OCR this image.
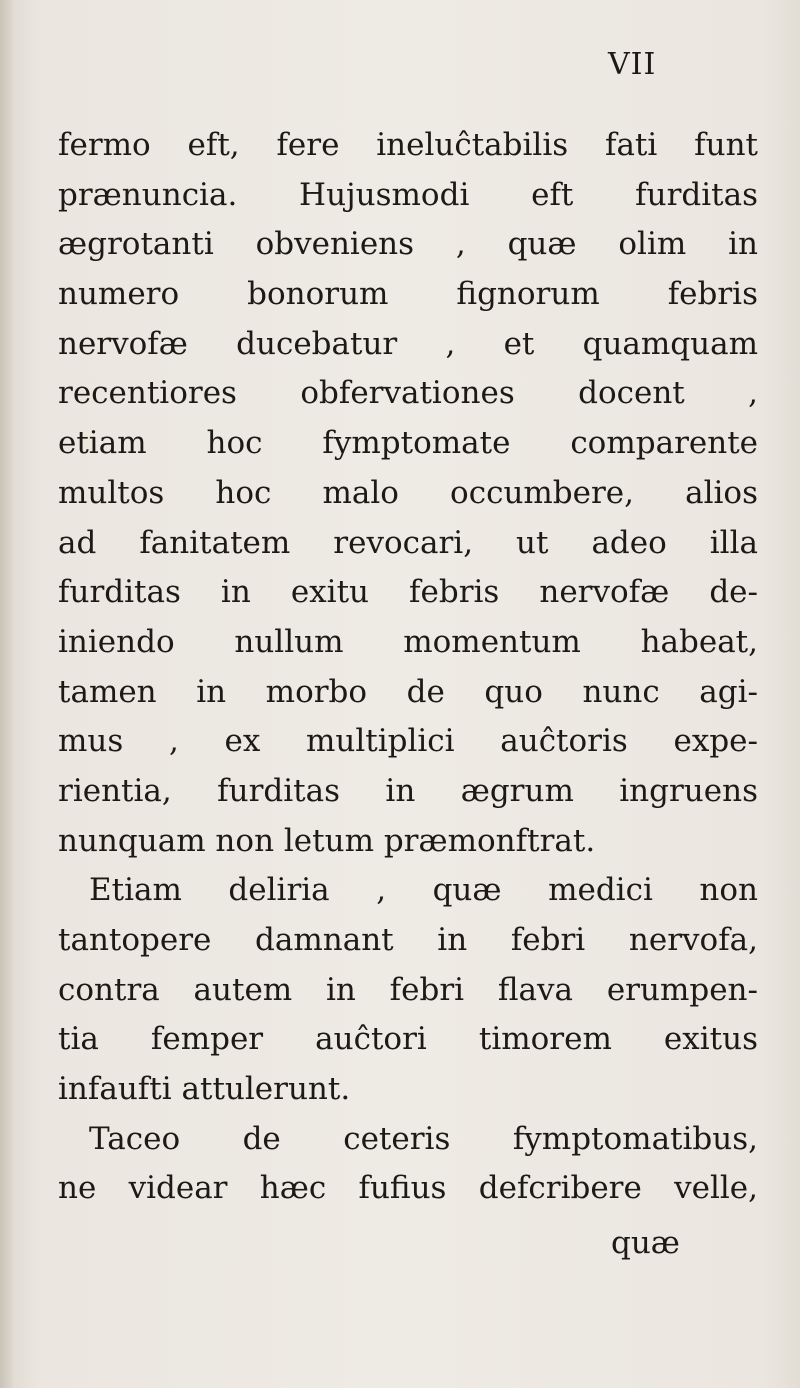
VII

fermo eft, fere ineluĉtabilis fati funt
prænuncia. Hujusmodi eft furditas
ægrotanti obveniens , quæ olim in
numero bonorum fignorum febris
nervofæ ducebatur , et quamquam
recentiores obfervationes docent ,
etiam hoc fymptomate comparente
multos hoc malo occumbere, alios
ad fanitatem revocari, ut adeo illa
furditas in exitu febris nervofæ de-
iniendo nullum momentum habeat,
tamen in morbo de quo nunc agi-
mus , ex multiplici auĉtoris expe-
rientia, furditas in ægrum ingruens
nunquam non letum præmonftrat.
Etiam deliria , quæ medici non
tantopere damnant in febri nervofa,
contra autem in febri flava erumpen-
tia femper auĉtori timorem exitus
infaufti attulerunt.
Taceo de ceteris fymptomatibus,
ne videar hæc fufius defcribere velle,

quæ
